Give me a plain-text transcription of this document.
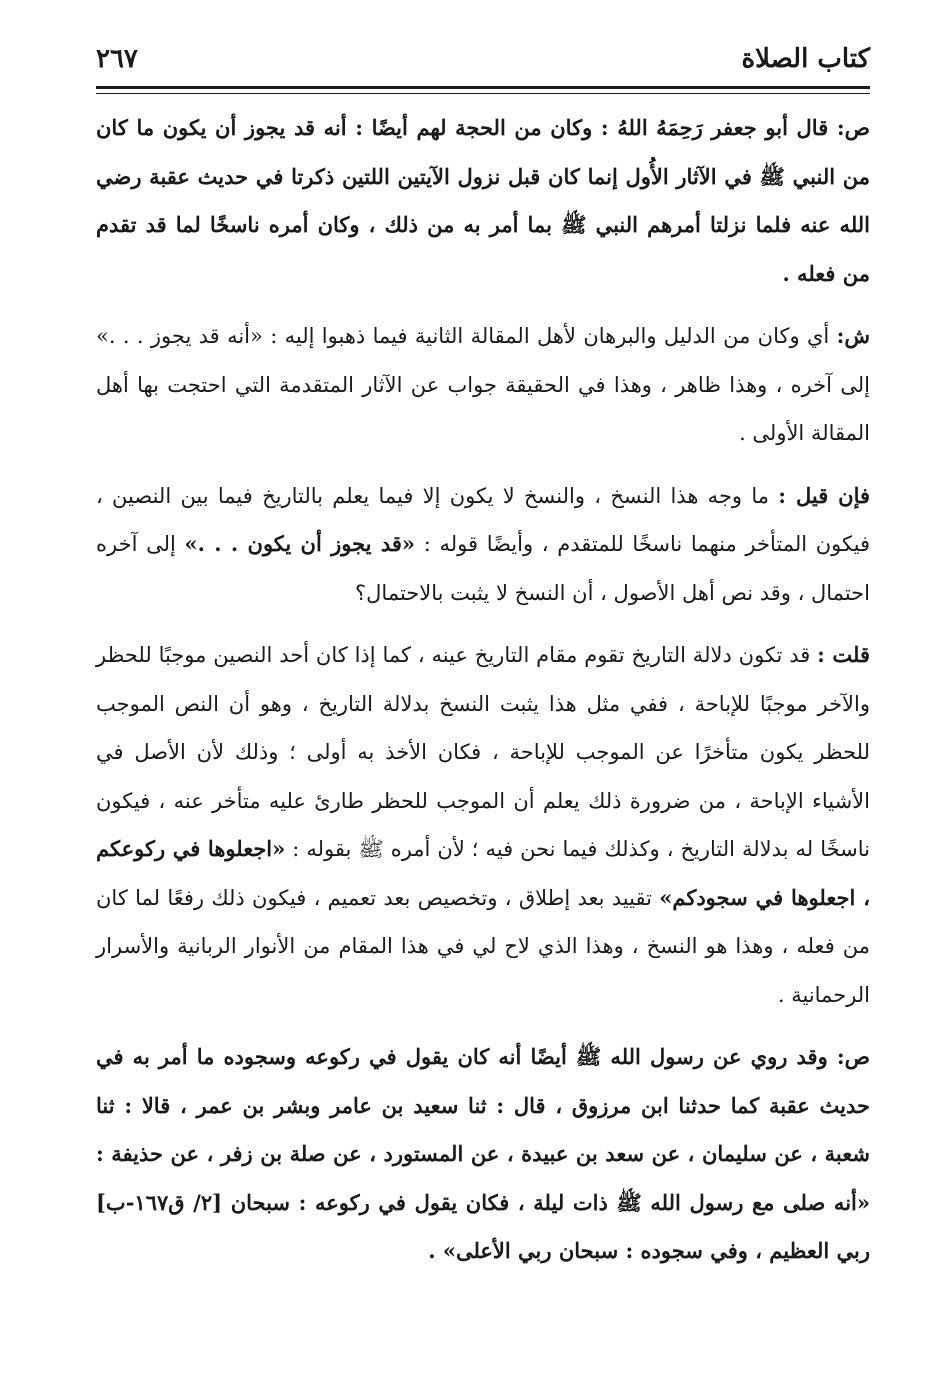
كتاب الصلاة
٢٦٧

ص: قال أبو جعفر رَحِمَهُ اللهُ : وكان من الحجة لهم أيضًا : أنه قد يجوز أن يكون ما كان من النبي ﷺ في الآثار الأُول إنما كان قبل نزول الآيتين اللتين ذكرتا في حديث عقبة رضي الله عنه فلما نزلتا أمرهم النبي ﷺ بما أمر به من ذلك ، وكان أمره ناسخًا لما قد تقدم من فعله .

ش: أي وكان من الدليل والبرهان لأهل المقالة الثانية فيما ذهبوا إليه : «أنه قد يجوز . . .» إلى آخره ، وهذا ظاهر ، وهذا في الحقيقة جواب عن الآثار المتقدمة التي احتجت بها أهل المقالة الأولى .

فإن قيل : ما وجه هذا النسخ ، والنسخ لا يكون إلا فيما يعلم بالتاريخ فيما بين النصين ، فيكون المتأخر منهما ناسخًا للمتقدم ، وأيضًا قوله : «قد يجوز أن يكون . . .» إلى آخره احتمال ، وقد نص أهل الأصول ، أن النسخ لا يثبت بالاحتمال؟

قلت : قد تكون دلالة التاريخ تقوم مقام التاريخ عينه ، كما إذا كان أحد النصين موجبًا للحظر والآخر موجبًا للإباحة ، ففي مثل هذا يثبت النسخ بدلالة التاريخ ، وهو أن النص الموجب للحظر يكون متأخرًا عن الموجب للإباحة ، فكان الأخذ به أولى ؛ وذلك لأن الأصل في الأشياء الإباحة ، من ضرورة ذلك يعلم أن الموجب للحظر طارئ عليه متأخر عنه ، فيكون ناسخًا له بدلالة التاريخ ، وكذلك فيما نحن فيه ؛ لأن أمره ﷺ بقوله : «اجعلوها في ركوعكم ، اجعلوها في سجودكم» تقييد بعد إطلاق ، وتخصيص بعد تعميم ، فيكون ذلك رفعًا لما كان من فعله ، وهذا هو النسخ ، وهذا الذي لاح لي في هذا المقام من الأنوار الربانية والأسرار الرحمانية .

ص: وقد روي عن رسول الله ﷺ أيضًا أنه كان يقول في ركوعه وسجوده ما أمر به في حديث عقبة كما حدثنا ابن مرزوق ، قال : ثنا سعيد بن عامر وبشر بن عمر ، قالا : ثنا شعبة ، عن سليمان ، عن سعد بن عبيدة ، عن المستورد ، عن صلة بن زفر ، عن حذيفة : «أنه صلى مع رسول الله ﷺ ذات ليلة ، فكان يقول في ركوعه : سبحان [٢/ ق١٦٧-ب] ربي العظيم ، وفي سجوده : سبحان ربي الأعلى» .
